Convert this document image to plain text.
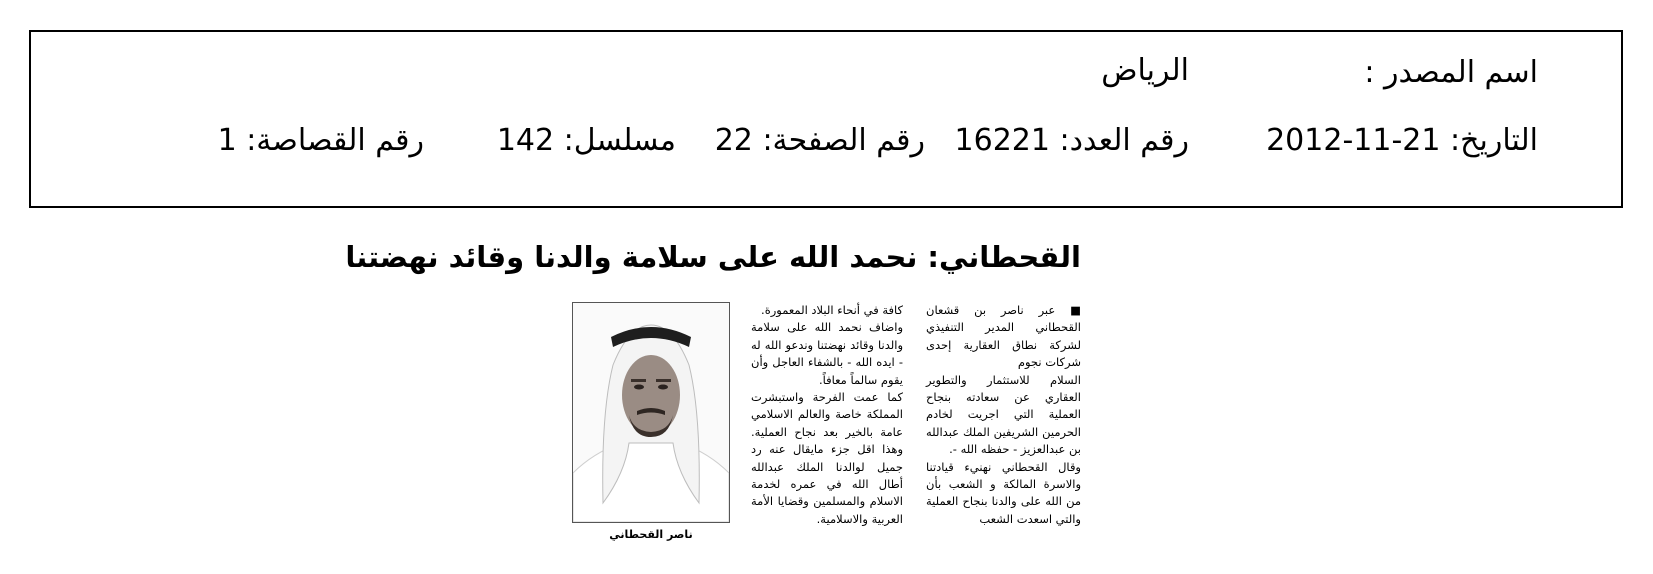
اسم المصدر :
الرياض
التاريخ: 21-11-2012
رقم العدد: 16221
رقم الصفحة: 22
مسلسل: 142
رقم القصاصة: 1
القحطاني: نحمد الله على سلامة والدنا وقائد نهضتنا

■ عبر ناصر بن قشعان القحطاني المدير التنفيذي لشركة نطاق العقارية إحدى شركات نجوم

السلام للاستثمار والتطوير العقاري عن سعادته بنجاح العملية التي اجريت لخادم الحرمين الشريفين الملك عبدالله بن عبدالعزيز - حفظه الله -.

وقال القحطاني نهنيء قيادتنا والاسرة المالكة و الشعب بأن من الله على والدنا بنجاح العملية والتي اسعدت الشعب

كافة في أنحاء البلاد المعمورة.

واضاف نحمد الله على سلامة والدنا وقائد نهضتنا وندعو الله له - ايده الله - بالشفاء العاجل وأن يقوم سالماً معافاً.

كما عمت الفرحة واستبشرت المملكة خاصة والعالم الاسلامي عامة بالخير بعد نجاح العملية. وهذا اقل جزء مايقال عنه رد جميل لوالدنا الملك عبدالله أطال الله في عمره لخدمة الاسلام والمسلمين وقضايا الأمة العربية والاسلامية.

ناصر القحطاني
